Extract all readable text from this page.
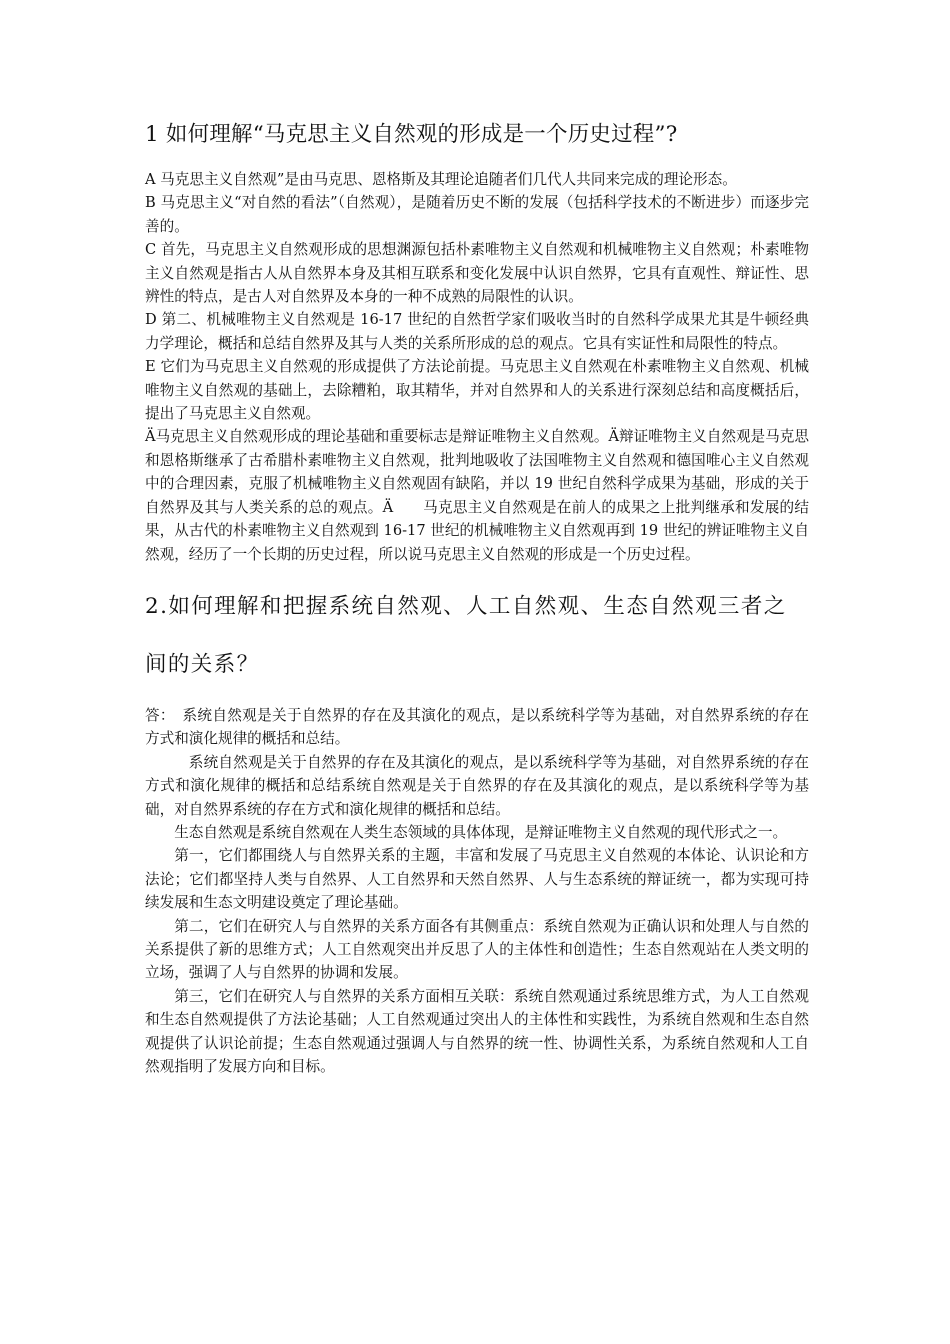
1 如何理解“马克思主义自然观的形成是一个历史过程”?

A 马克思主义自然观”是由马克思、恩格斯及其理论追随者们几代人共同来完成的理论形态。

B 马克思主义“对自然的看法”（自然观），是随着历史不断的发展（包括科学技术的不断进步）而逐步完善的。

C 首先，马克思主义自然观形成的思想渊源包括朴素唯物主义自然观和机械唯物主义自然观；朴素唯物主义自然观是指古人从自然界本身及其相互联系和变化发展中认识自然界，它具有直观性、辩证性、思辨性的特点，是古人对自然界及本身的一种不成熟的局限性的认识。

D 第二、机械唯物主义自然观是 16-17 世纪的自然哲学家们吸收当时的自然科学成果尤其是牛顿经典力学理论，概括和总结自然界及其与人类的关系所形成的总的观点。它具有实证性和局限性的特点。

E 它们为马克思主义自然观的形成提供了方法论前提。马克思主义自然观在朴素唯物主义自然观、机械唯物主义自然观的基础上，去除糟粕，取其精华，并对自然界和人的关系进行深刻总结和高度概括后，提出了马克思主义自然观。

Ä马克思主义自然观形成的理论基础和重要标志是辩证唯物主义自然观。Ä辩证唯物主义自然观是马克思和恩格斯继承了古希腊朴素唯物主义自然观，批判地吸收了法国唯物主义自然观和德国唯心主义自然观中的合理因素，克服了机械唯物主义自然观固有缺陷，并以 19 世纪自然科学成果为基础，形成的关于自然界及其与人类关系的总的观点。Ä　　马克思主义自然观是在前人的成果之上批判继承和发展的结果，从古代的朴素唯物主义自然观到 16-17 世纪的机械唯物主义自然观再到 19 世纪的辨证唯物主义自然观，经历了一个长期的历史过程，所以说马克思主义自然观的形成是一个历史过程。

2.如何理解和把握系统自然观、人工自然观、生态自然观三者之间的关系？

答：　系统自然观是关于自然界的存在及其演化的观点，是以系统科学等为基础，对自然界系统的存在方式和演化规律的概括和总结。

系统自然观是关于自然界的存在及其演化的观点，是以系统科学等为基础，对自然界系统的存在方式和演化规律的概括和总结系统自然观是关于自然界的存在及其演化的观点，是以系统科学等为基础，对自然界系统的存在方式和演化规律的概括和总结。

生态自然观是系统自然观在人类生态领域的具体体现，是辩证唯物主义自然观的现代形式之一。

第一，它们都围绕人与自然界关系的主题，丰富和发展了马克思主义自然观的本体论、认识论和方法论；它们都坚持人类与自然界、人工自然界和天然自然界、人与生态系统的辩证统一，都为实现可持续发展和生态文明建设奠定了理论基础。

第二，它们在研究人与自然界的关系方面各有其侧重点：系统自然观为正确认识和处理人与自然的关系提供了新的思维方式；人工自然观突出并反思了人的主体性和创造性；生态自然观站在人类文明的立场，强调了人与自然界的协调和发展。

第三，它们在研究人与自然界的关系方面相互关联：系统自然观通过系统思维方式，为人工自然观和生态自然观提供了方法论基础；人工自然观通过突出人的主体性和实践性，为系统自然观和生态自然观提供了认识论前提；生态自然观通过强调人与自然界的统一性、协调性关系，为系统自然观和人工自然观指明了发展方向和目标。
